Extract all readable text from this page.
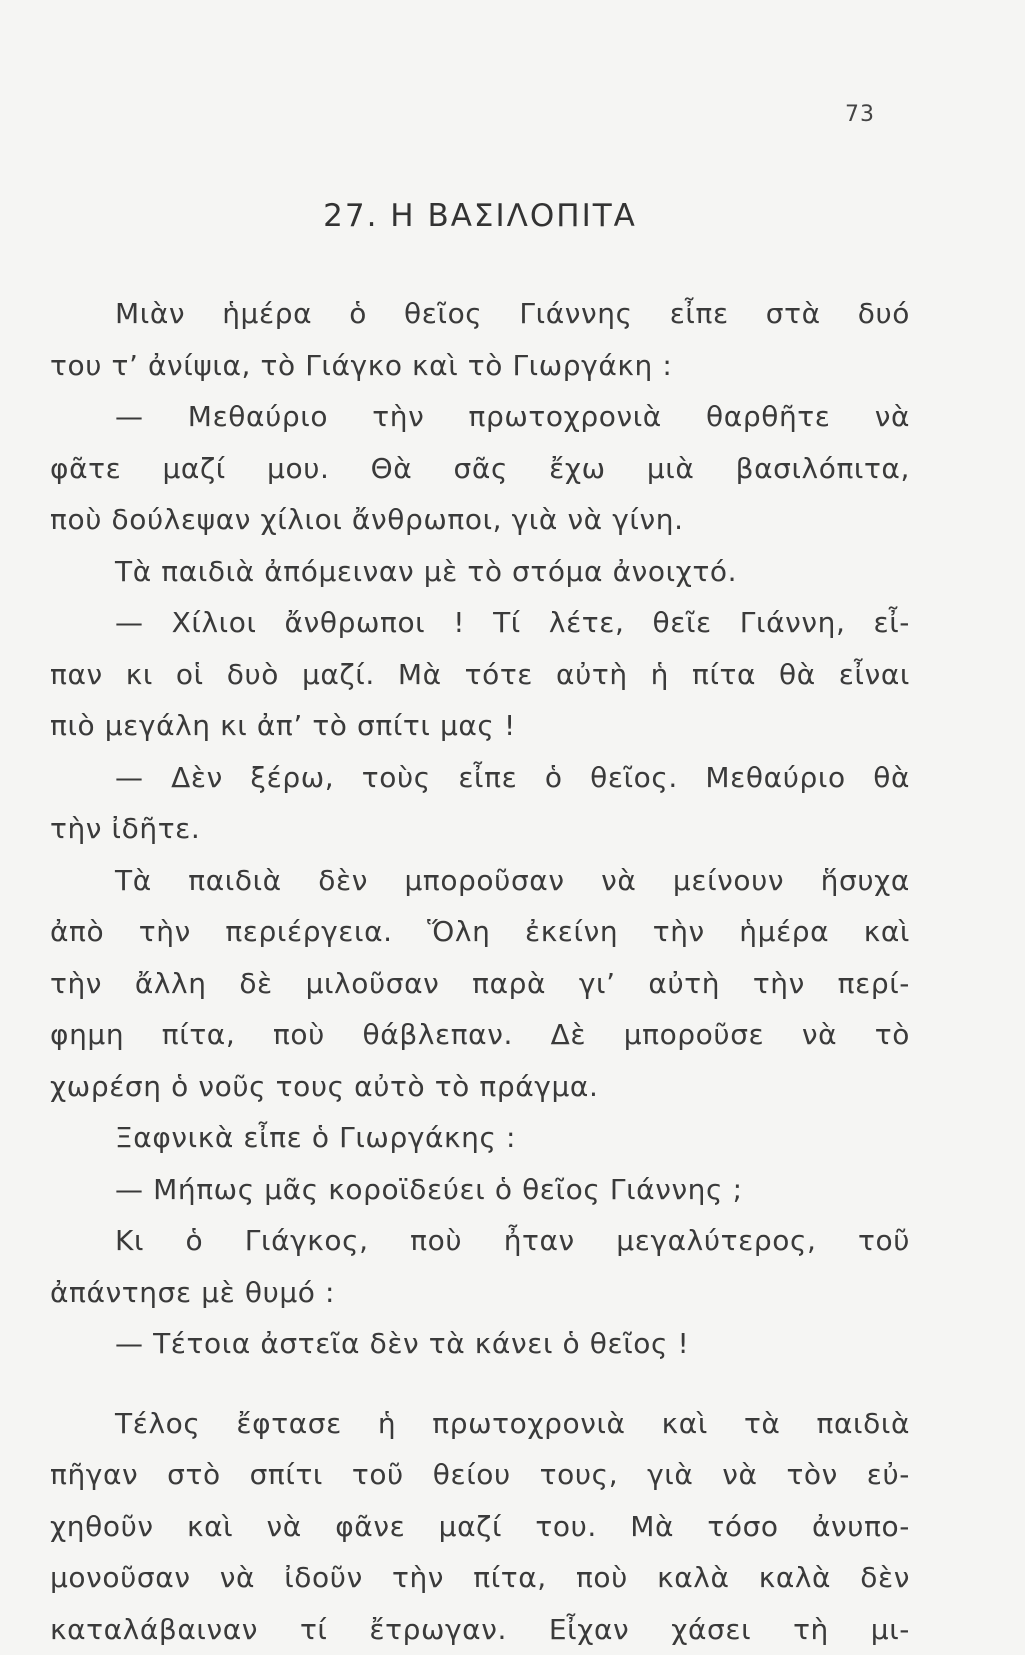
73
27. Η ΒΑΣΙΛΟΠΙΤΑ
Μιὰν ἡμέρα ὁ θεῖος Γιάννης εἶπε στὰ δυό
του τ’ ἀνίψια, τὸ Γιάγκο καὶ τὸ Γιωργάκη :
— Μεθαύριο τὴν πρωτοχρονιὰ θαρθῆτε νὰ
φᾶτε μαζί μου. Θὰ σᾶς ἔχω μιὰ βασιλόπιτα,
ποὺ δούλεψαν χίλιοι ἄνθρωποι, γιὰ νὰ γίνη.
Τὰ παιδιὰ ἀπόμειναν μὲ τὸ στόμα ἀνοιχτό.
— Χίλιοι ἄνθρωποι ! Τί λέτε, θεῖε Γιάννη, εἶ-
παν κι οἱ δυὸ μαζί. Μὰ τότε αὐτὴ ἡ πίτα θὰ εἶναι
πιὸ μεγάλη κι ἀπ’ τὸ σπίτι μας !
— Δὲν ξέρω, τοὺς εἶπε ὁ θεῖος. Μεθαύριο θὰ
τὴν ἰδῆτε.
Τὰ παιδιὰ δὲν μποροῦσαν νὰ μείνουν ἥσυχα
ἀπὸ τὴν περιέργεια. Ὅλη ἐκείνη τὴν ἡμέρα καὶ
τὴν ἄλλη δὲ μιλοῦσαν παρὰ γι’ αὐτὴ τὴν περί-
φημη πίτα, ποὺ θάβλεπαν. Δὲ μποροῦσε νὰ τὸ
χωρέση ὁ νοῦς τους αὐτὸ τὸ πράγμα.
Ξαφνικὰ εἶπε ὁ Γιωργάκης :
— Μήπως μᾶς κοροϊδεύει ὁ θεῖος Γιάννης ;
Κι ὁ Γιάγκος, ποὺ ἦταν μεγαλύτερος, τοῦ
ἀπάντησε μὲ θυμό :
— Τέτοια ἀστεῖα δὲν τὰ κάνει ὁ θεῖος !
Τέλος ἔφτασε ἡ πρωτοχρονιὰ καὶ τὰ παιδιὰ
πῆγαν στὸ σπίτι τοῦ θείου τους, γιὰ νὰ τὸν εὐ-
χηθοῦν καὶ νὰ φᾶνε μαζί του. Μὰ τόσο ἀνυπο-
μονοῦσαν νὰ ἰδοῦν τὴν πίτα, ποὺ καλὰ καλὰ δὲν
καταλάβαιναν τί ἔτρωγαν. Εἶχαν χάσει τὴ μι-
